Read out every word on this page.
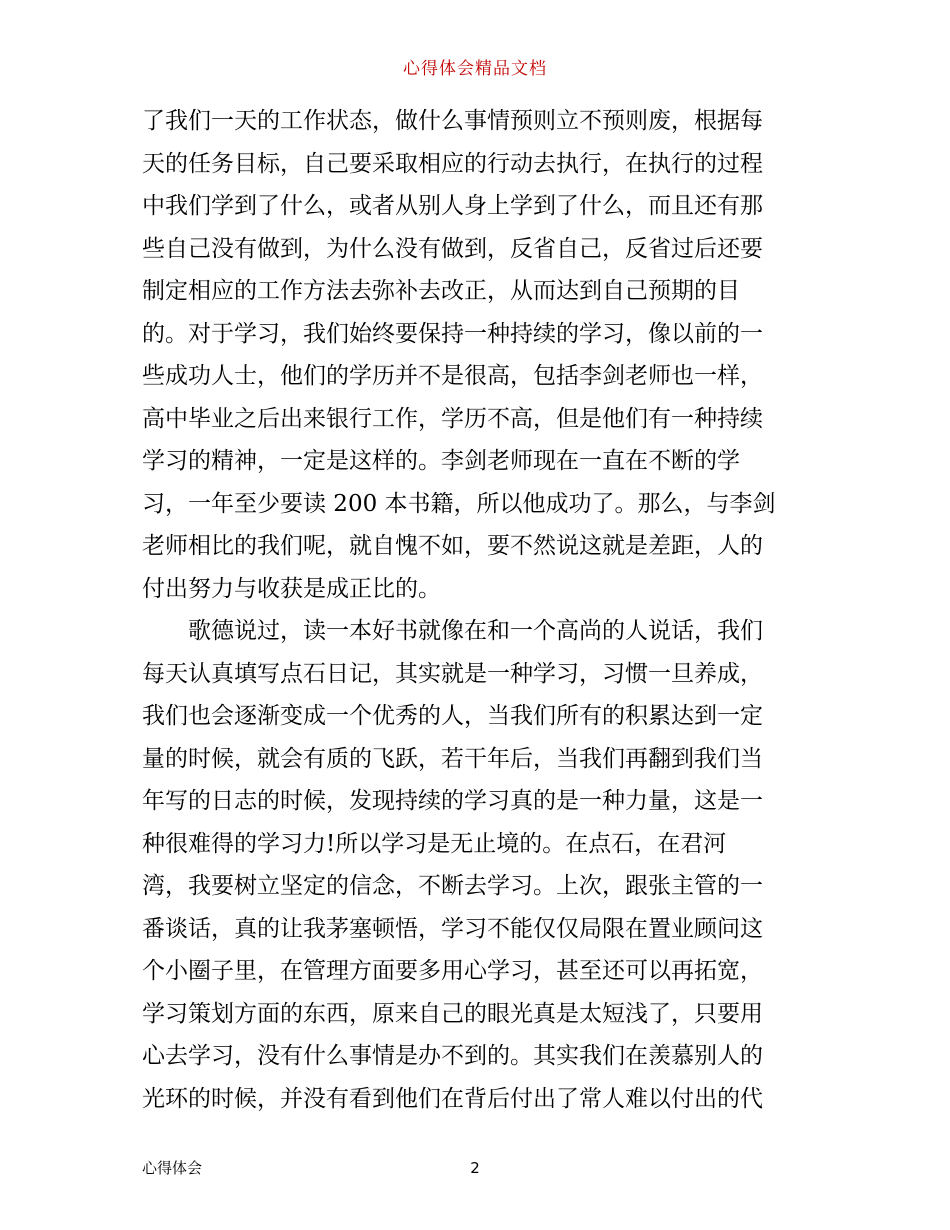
心得体会精品文档
了我们一天的工作状态，做什么事情预则立不预则废，根据每
天的任务目标，自己要采取相应的行动去执行，在执行的过程
中我们学到了什么，或者从别人身上学到了什么，而且还有那
些自己没有做到，为什么没有做到，反省自己，反省过后还要
制定相应的工作方法去弥补去改正，从而达到自己预期的目
的。对于学习，我们始终要保持一种持续的学习，像以前的一
些成功人士，他们的学历并不是很高，包括李剑老师也一样，
高中毕业之后出来银行工作，学历不高，但是他们有一种持续
学习的精神，一定是这样的。李剑老师现在一直在不断的学
习，一年至少要读 200 本书籍，所以他成功了。那么，与李剑
老师相比的我们呢，就自愧不如，要不然说这就是差距，人的
付出努力与收获是成正比的。
　　歌德说过，读一本好书就像在和一个高尚的人说话，我们
每天认真填写点石日记，其实就是一种学习，习惯一旦养成，
我们也会逐渐变成一个优秀的人，当我们所有的积累达到一定
量的时候，就会有质的飞跃，若干年后，当我们再翻到我们当
年写的日志的时候，发现持续的学习真的是一种力量，这是一
种很难得的学习力!所以学习是无止境的。在点石，在君河
湾，我要树立坚定的信念，不断去学习。上次，跟张主管的一
番谈话，真的让我茅塞顿悟，学习不能仅仅局限在置业顾问这
个小圈子里，在管理方面要多用心学习，甚至还可以再拓宽，
学习策划方面的东西，原来自己的眼光真是太短浅了，只要用
心去学习，没有什么事情是办不到的。其实我们在羡慕别人的
光环的时候，并没有看到他们在背后付出了常人难以付出的代
心得体会	2
